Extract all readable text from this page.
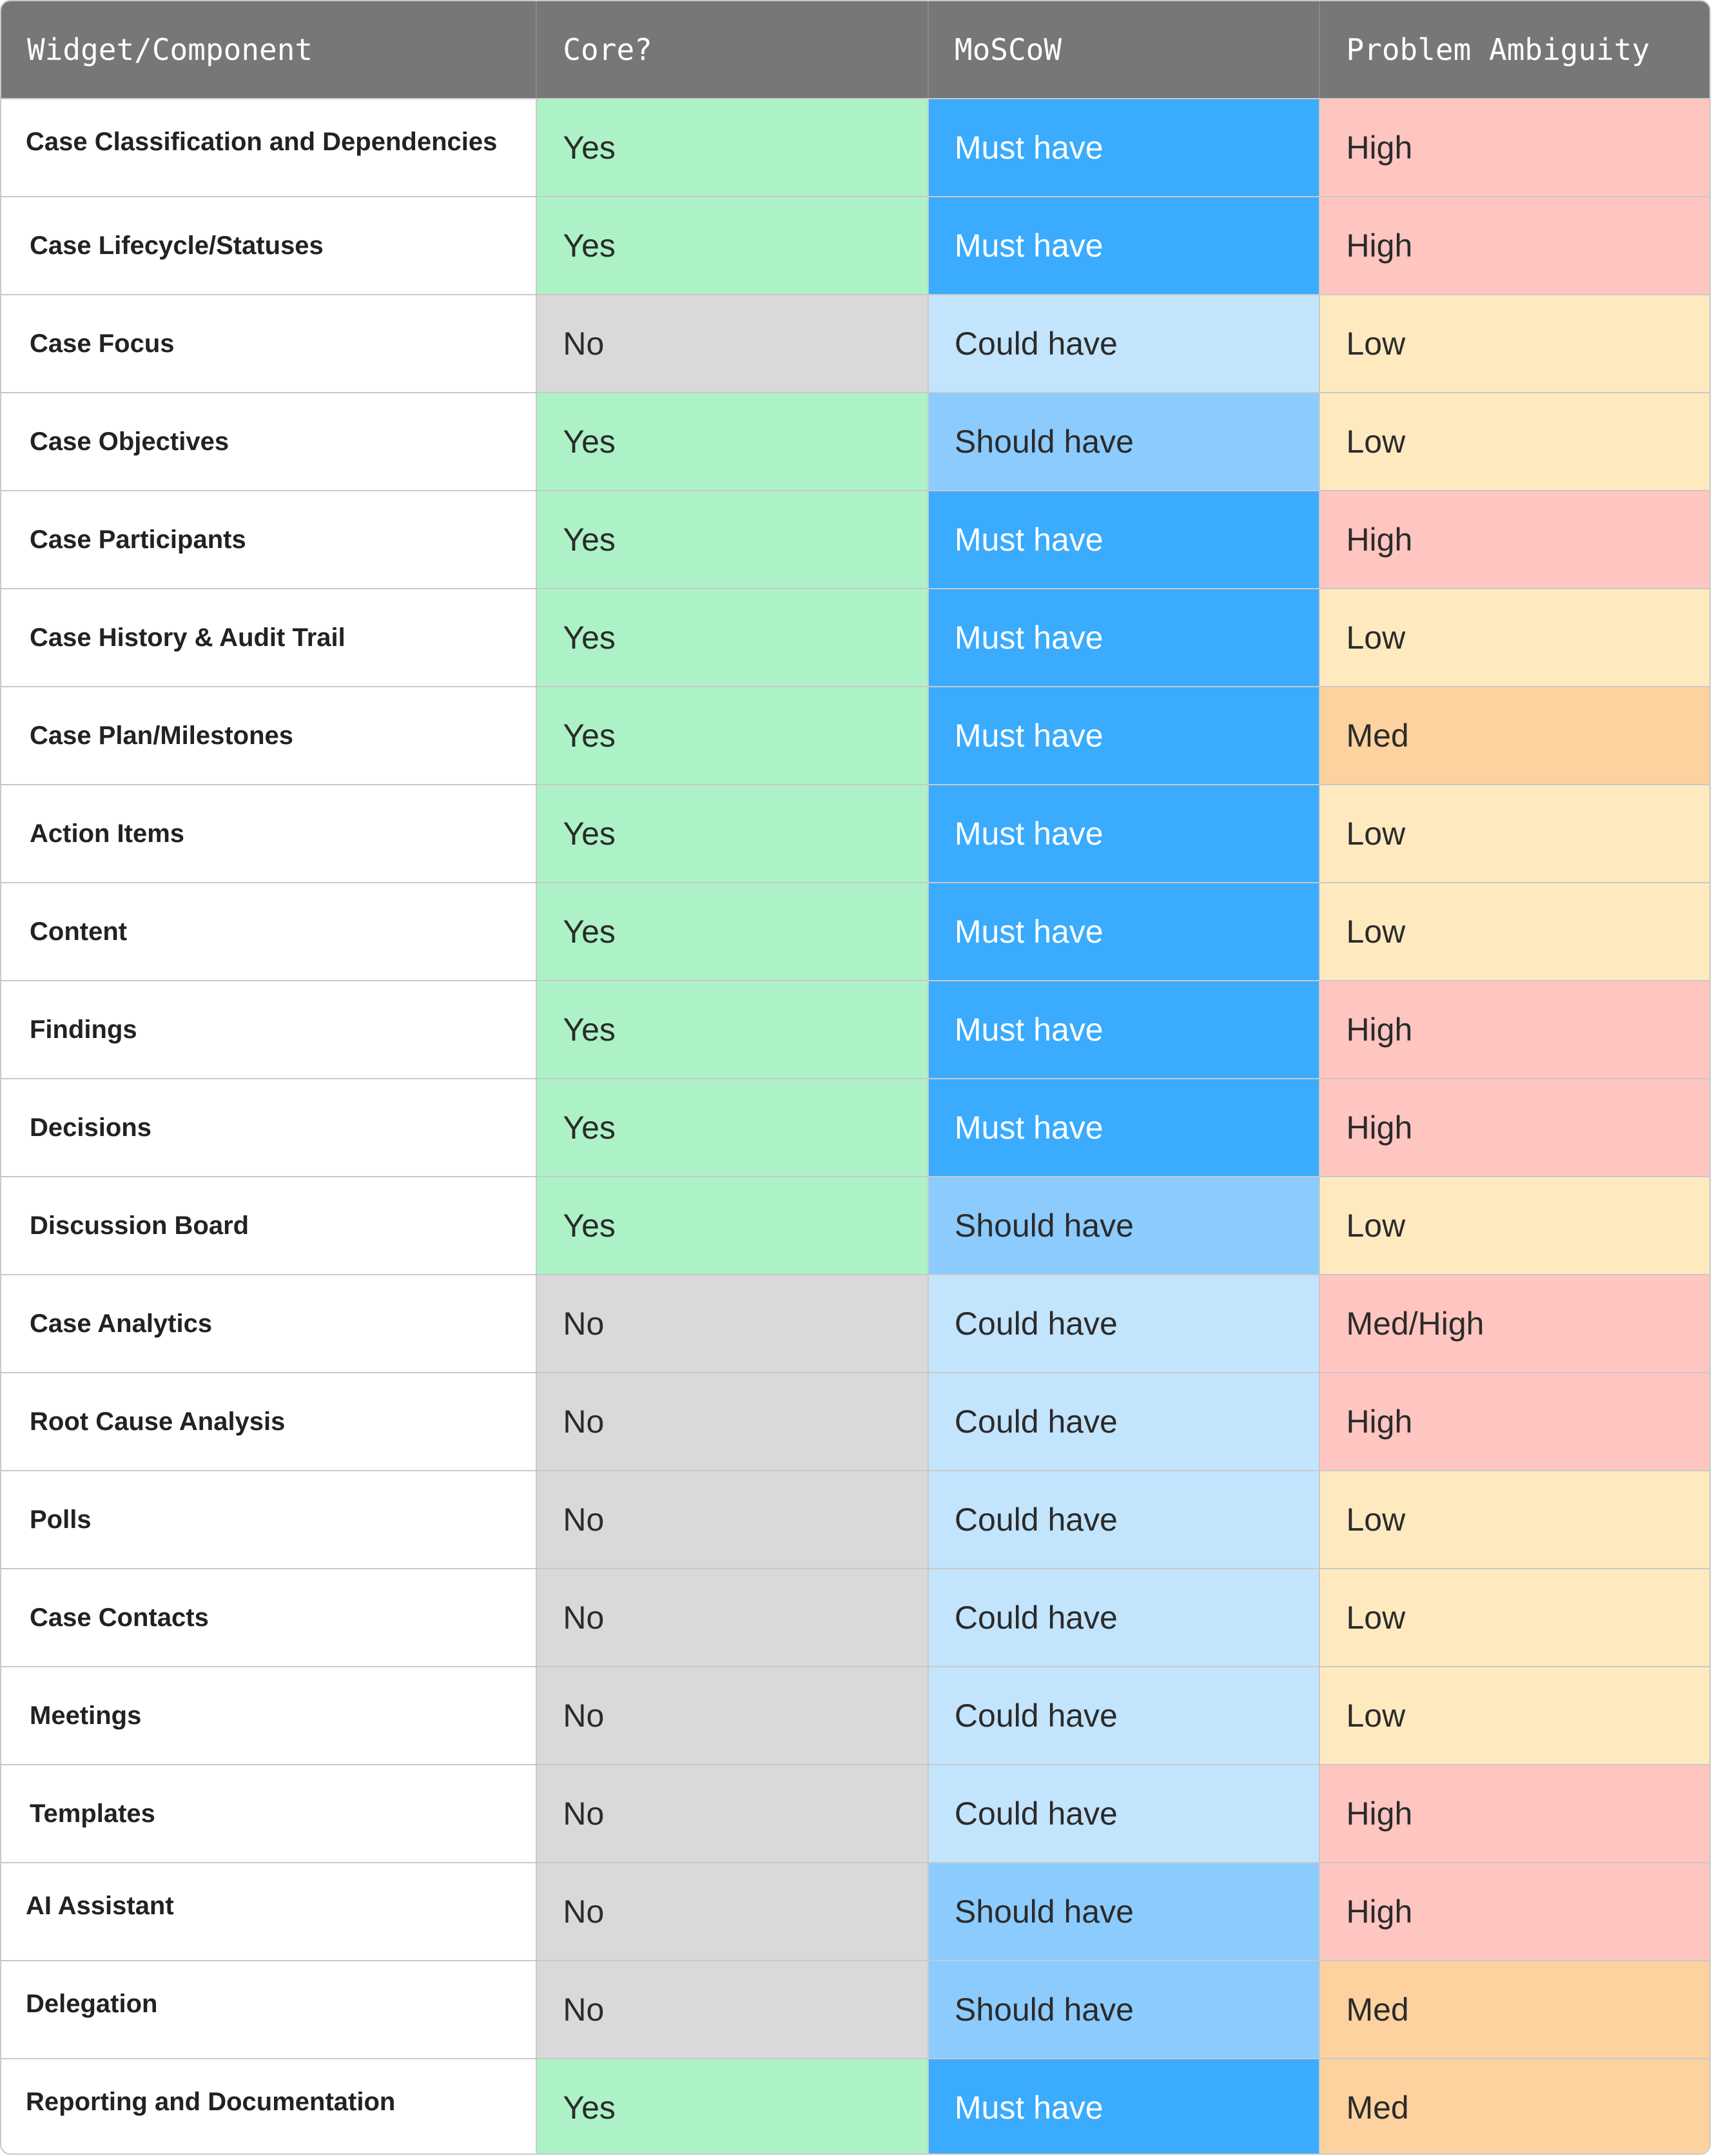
Widget/Component	Core?	MoSCoW	Problem Ambiguity
Case Classification and Dependencies	Yes	Must have	High
Case Lifecycle/Statuses	Yes	Must have	High
Case Focus	No	Could have	Low
Case Objectives	Yes	Should have	Low
Case Participants	Yes	Must have	High
Case History & Audit Trail	Yes	Must have	Low
Case Plan/Milestones	Yes	Must have	Med
Action Items	Yes	Must have	Low
Content	Yes	Must have	Low
Findings	Yes	Must have	High
Decisions	Yes	Must have	High
Discussion Board	Yes	Should have	Low
Case Analytics	No	Could have	Med/High
Root Cause Analysis	No	Could have	High
Polls	No	Could have	Low
Case Contacts	No	Could have	Low
Meetings	No	Could have	Low
Templates	No	Could have	High
AI Assistant	No	Should have	High
Delegation	No	Should have	Med
Reporting and Documentation	Yes	Must have	Med
